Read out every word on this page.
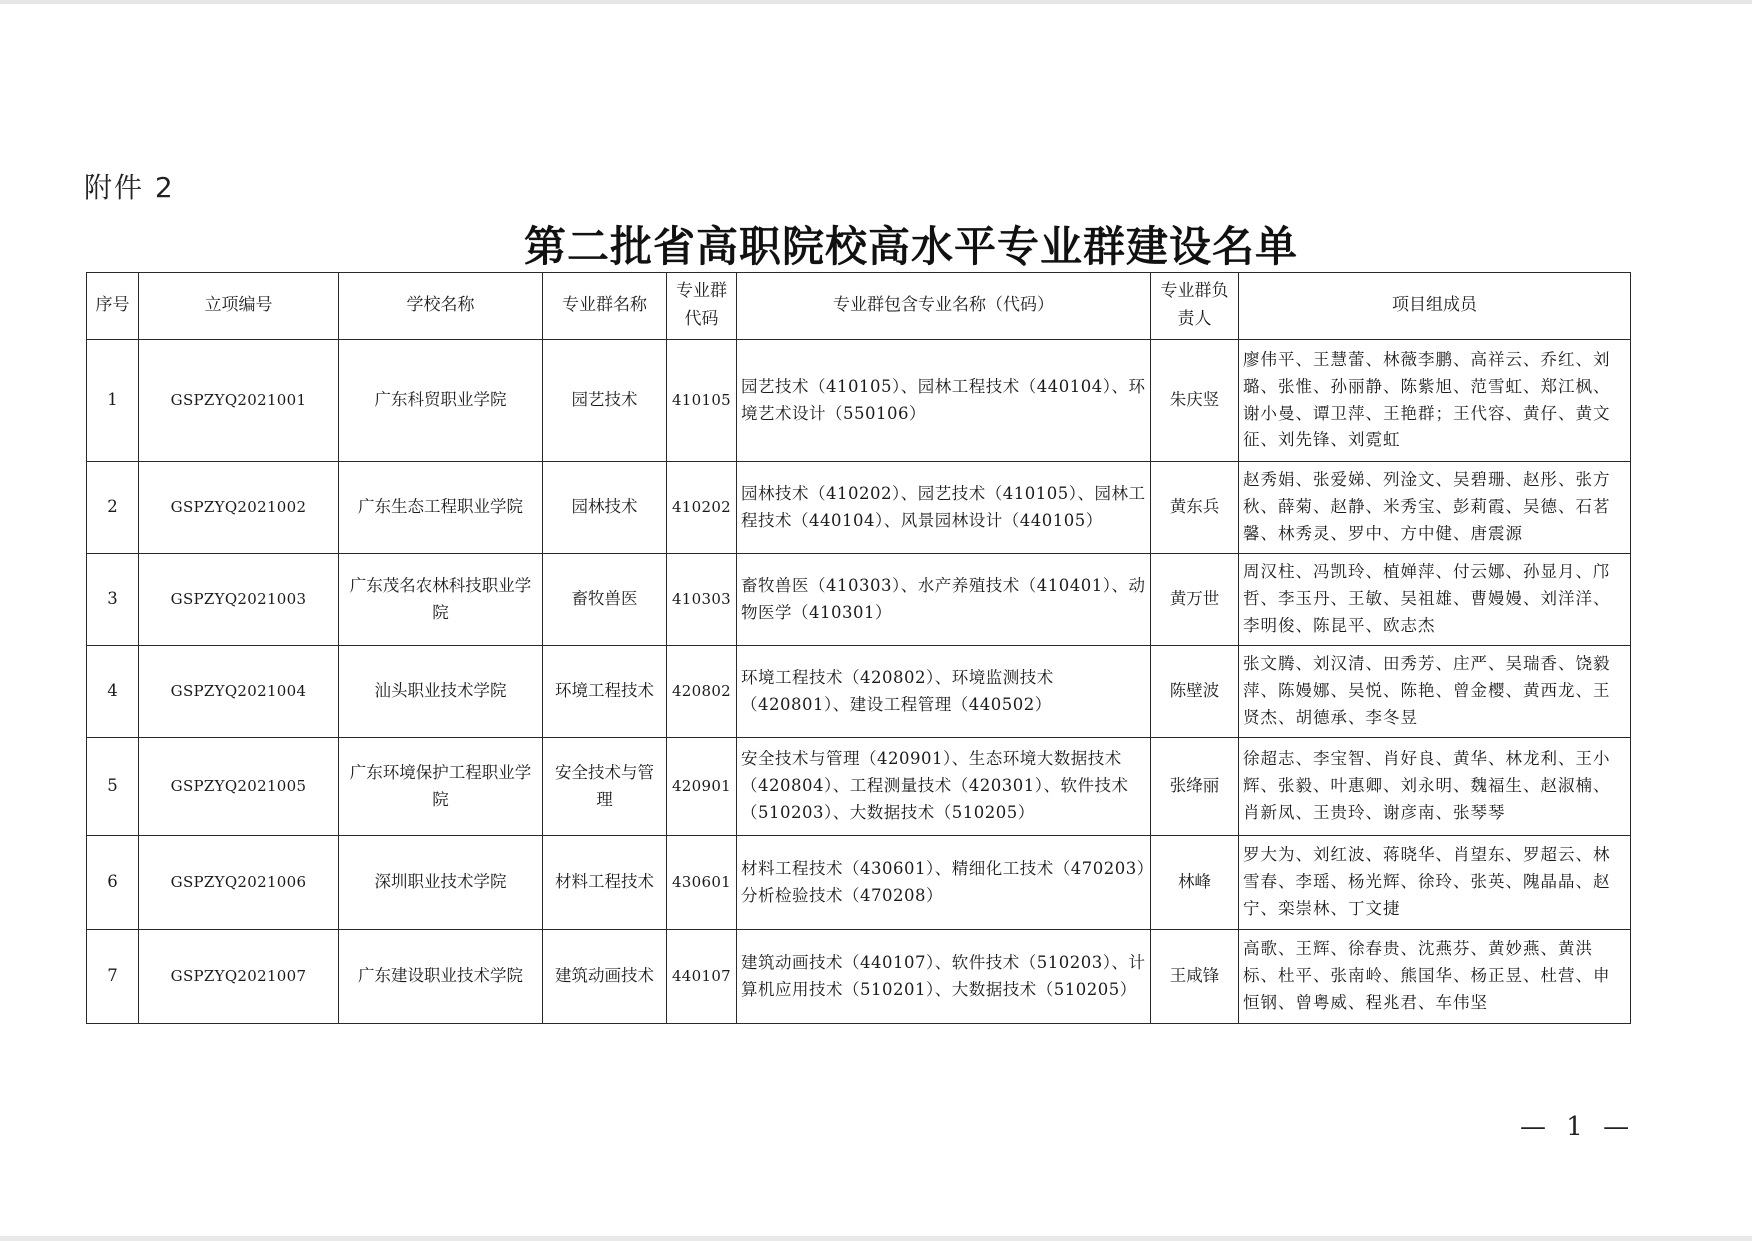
附件 2
第二批省高职院校高水平专业群建设名单
序号	立项编号	学校名称	专业群名称	专业群代码	专业群包含专业名称（代码）	专业群负责人	项目组成员
1	GSPZYQ2021001	广东科贸职业学院	园艺技术	410105	园艺技术（410105）、园林工程技术（440104）、环境艺术设计（550106）	朱庆竖	廖伟平、王慧蕾、林薇李鹏、高祥云、乔红、刘璐、张惟、孙丽静、陈紫旭、范雪虹、郑江枫、谢小曼、谭卫萍、王艳群；王代容、黄仔、黄文征、刘先锋、刘霓虹
2	GSPZYQ2021002	广东生态工程职业学院	园林技术	410202	园林技术（410202）、园艺技术（410105）、园林工程技术（440104）、风景园林设计（440105）	黄东兵	赵秀娟、张爱娣、列淦文、吴碧珊、赵彤、张方秋、薛菊、赵静、米秀宝、彭莉霞、吴德、石茗馨、林秀灵、罗中、方中健、唐震源
3	GSPZYQ2021003	广东茂名农林科技职业学院	畜牧兽医	410303	畜牧兽医（410303）、水产养殖技术（410401）、动物医学（410301）	黄万世	周汉柱、冯凯玲、植婵萍、付云娜、孙显月、邝哲、李玉丹、王敏、吴祖雄、曹嫚嫚、刘洋洋、李明俊、陈昆平、欧志杰
4	GSPZYQ2021004	汕头职业技术学院	环境工程技术	420802	环境工程技术（420802）、环境监测技术（420801）、建设工程管理（440502）	陈壁波	张文腾、刘汉清、田秀芳、庄严、吴瑞香、饶毅萍、陈嫚娜、吴悦、陈艳、曾金樱、黄西龙、王贤杰、胡德承、李冬昱
5	GSPZYQ2021005	广东环境保护工程职业学院	安全技术与管理	420901	安全技术与管理（420901）、生态环境大数据技术（420804）、工程测量技术（420301）、软件技术（510203）、大数据技术（510205）	张绛丽	徐超志、李宝智、肖好良、黄华、林龙利、王小辉、张毅、叶惠卿、刘永明、魏福生、赵淑楠、肖新凤、王贵玲、谢彦南、张琴琴
6	GSPZYQ2021006	深圳职业技术学院	材料工程技术	430601	材料工程技术（430601）、精细化工技术（470203）分析检验技术（470208）	林峰	罗大为、刘红波、蒋晓华、肖望东、罗超云、林雪春、李瑶、杨光辉、徐玲、张英、隗晶晶、赵宁、栾崇林、丁文捷
7	GSPZYQ2021007	广东建设职业技术学院	建筑动画技术	440107	建筑动画技术（440107）、软件技术（510203）、计算机应用技术（510201）、大数据技术（510205）	王咸锋	高歌、王辉、徐春贵、沈燕芬、黄妙燕、黄洪标、杜平、张南岭、熊国华、杨正昱、杜营、申恒钢、曾粤威、程兆君、车伟坚
— 1 —
